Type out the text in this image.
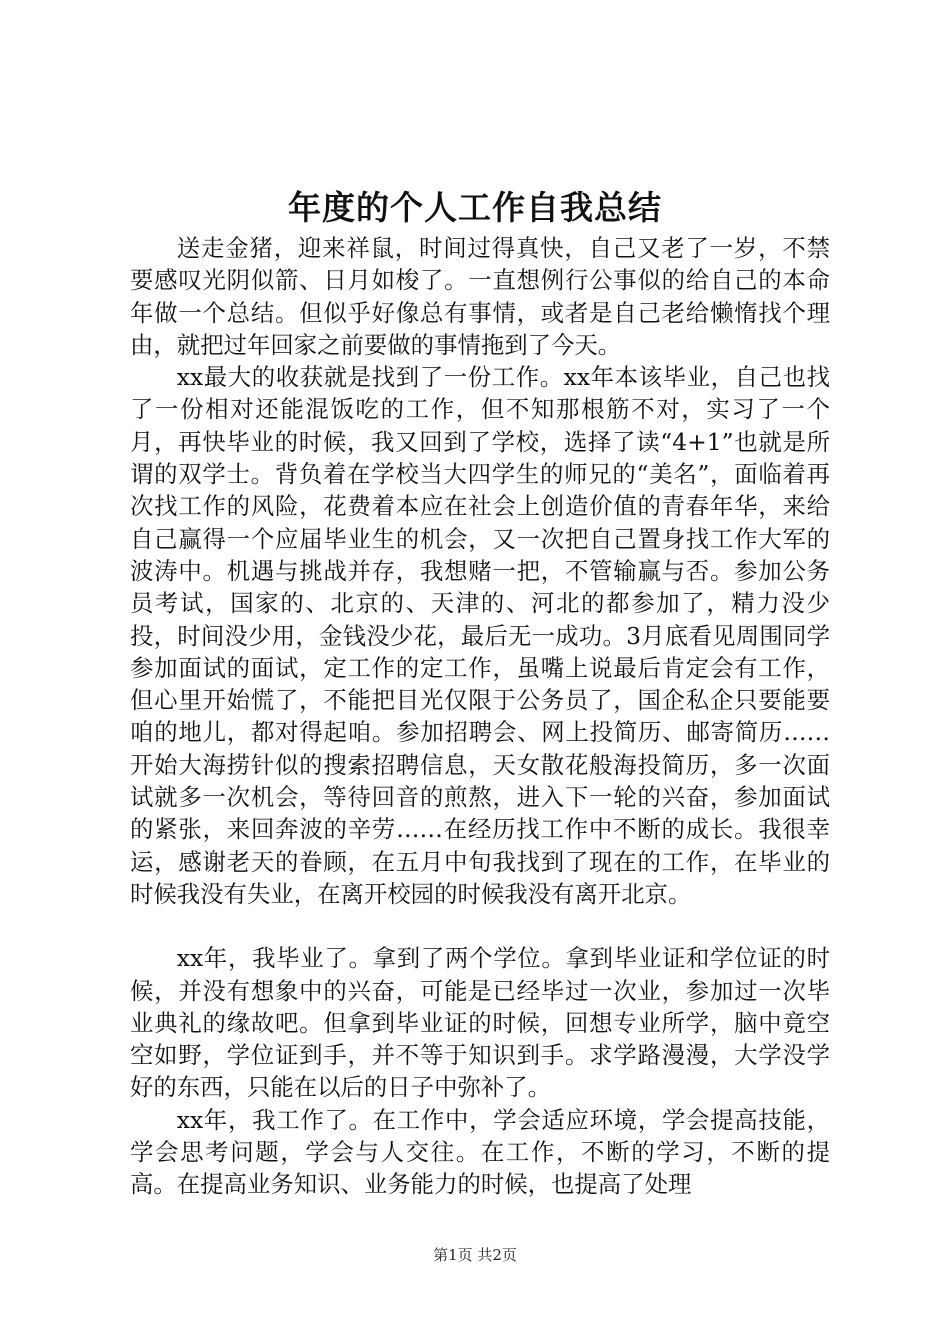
年度的个人工作自我总结

送走金猪，迎来祥鼠，时间过得真快，自己又老了一岁，不禁要感叹光阴似箭、日月如梭了。一直想例行公事似的给自己的本命年做一个总结。但似乎好像总有事情，或者是自己老给懒惰找个理由，就把过年回家之前要做的事情拖到了今天。

xx最大的收获就是找到了一份工作。xx年本该毕业，自己也找了一份相对还能混饭吃的工作，但不知那根筋不对，实习了一个月，再快毕业的时候，我又回到了学校，选择了读“4+1”也就是所谓的双学士。背负着在学校当大四学生的师兄的“美名”，面临着再次找工作的风险，花费着本应在社会上创造价值的青春年华，来给自己赢得一个应届毕业生的机会，又一次把自己置身找工作大军的波涛中。机遇与挑战并存，我想赌一把，不管输赢与否。参加公务员考试，国家的、北京的、天津的、河北的都参加了，精力没少投，时间没少用，金钱没少花，最后无一成功。3月底看见周围同学参加面试的面试，定工作的定工作，虽嘴上说最后肯定会有工作，但心里开始慌了，不能把目光仅限于公务员了，国企私企只要能要咱的地儿，都对得起咱。参加招聘会、网上投简历、邮寄简历……开始大海捞针似的搜索招聘信息，天女散花般海投简历，多一次面试就多一次机会，等待回音的煎熬，进入下一轮的兴奋，参加面试的紧张，来回奔波的辛劳……在经历找工作中不断的成长。我很幸运，感谢老天的眷顾，在五月中旬我找到了现在的工作，在毕业的时候我没有失业，在离开校园的时候我没有离开北京。

xx年，我毕业了。拿到了两个学位。拿到毕业证和学位证的时候，并没有想象中的兴奋，可能是已经毕过一次业，参加过一次毕业典礼的缘故吧。但拿到毕业证的时候，回想专业所学，脑中竟空空如野，学位证到手，并不等于知识到手。求学路漫漫，大学没学好的东西，只能在以后的日子中弥补了。

xx年，我工作了。在工作中，学会适应环境，学会提高技能，学会思考问题，学会与人交往。在工作，不断的学习，不断的提高。在提高业务知识、业务能力的时候，也提高了处理

第1页 共2页
